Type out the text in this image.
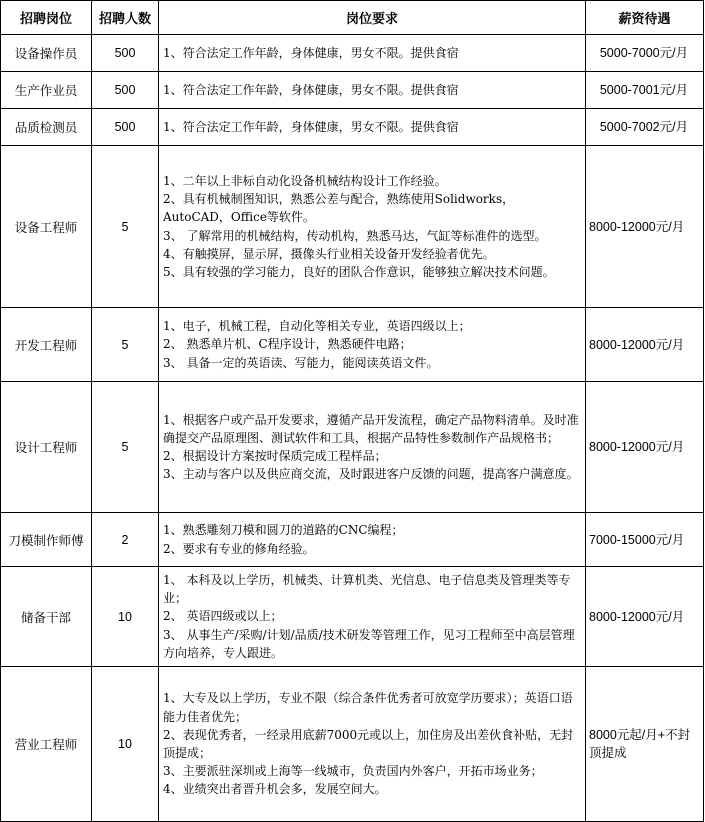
招聘岗位	招聘人数	岗位要求	薪资待遇
设备操作员	500	1、符合法定工作年龄，身体健康，男女不限。提供食宿	5000-7000元/月
生产作业员	500	1、符合法定工作年龄，身体健康，男女不限。提供食宿	5000-7001元/月
品质检测员	500	1、符合法定工作年龄，身体健康，男女不限。提供食宿	5000-7002元/月
设备工程师	5	1、二年以上非标自动化设备机械结构设计工作经验。
2、具有机械制图知识，熟悉公差与配合，熟练使用Solidworks，AutoCAD，Office等软件。
3、 了解常用的机械结构，传动机构，熟悉马达，气缸等标准件的选型。
4、有触摸屏，显示屏，摄像头行业相关设备开发经验者优先。
5、具有较强的学习能力，良好的团队合作意识，能够独立解决技术问题。	8000-12000元/月
开发工程师	5	1、电子，机械工程，自动化等相关专业，英语四级以上；
2、 熟悉单片机、C程序设计，熟悉硬件电路；
3、 具备一定的英语读、写能力，能阅读英语文件。	8000-12000元/月
设计工程师	5	1、根据客户或产品开发要求，遵循产品开发流程，确定产品物料清单。及时准确提交产品原理图、测试软件和工具，根据产品特性参数制作产品规格书；
2、根据设计方案按时保质完成工程样品；
3、主动与客户以及供应商交流，及时跟进客户反馈的问题，提高客户满意度。	8000-12000元/月
刀模制作师傅	2	1、熟悉雕刻刀模和圆刀的道路的CNC编程；
2、要求有专业的修角经验。	7000-15000元/月
储备干部	10	1、 本科及以上学历，机械类、计算机类、光信息、电子信息类及管理类等专业；
2、 英语四级或以上；
3、 从事生产/采购/计划/品质/技术研发等管理工作，见习工程师至中高层管理方向培养，专人跟进。	8000-12000元/月
营业工程师	10	1、大专及以上学历，专业不限（综合条件优秀者可放宽学历要求）；英语口语能力佳者优先；
2、表现优秀者，一经录用底薪7000元或以上，加住房及出差伙食补贴，无封顶提成；
3、主要派驻深圳或上海等一线城市，负责国内外客户，开拓市场业务；
4、业绩突出者晋升机会多，发展空间大。	8000元起/月+不封顶提成
